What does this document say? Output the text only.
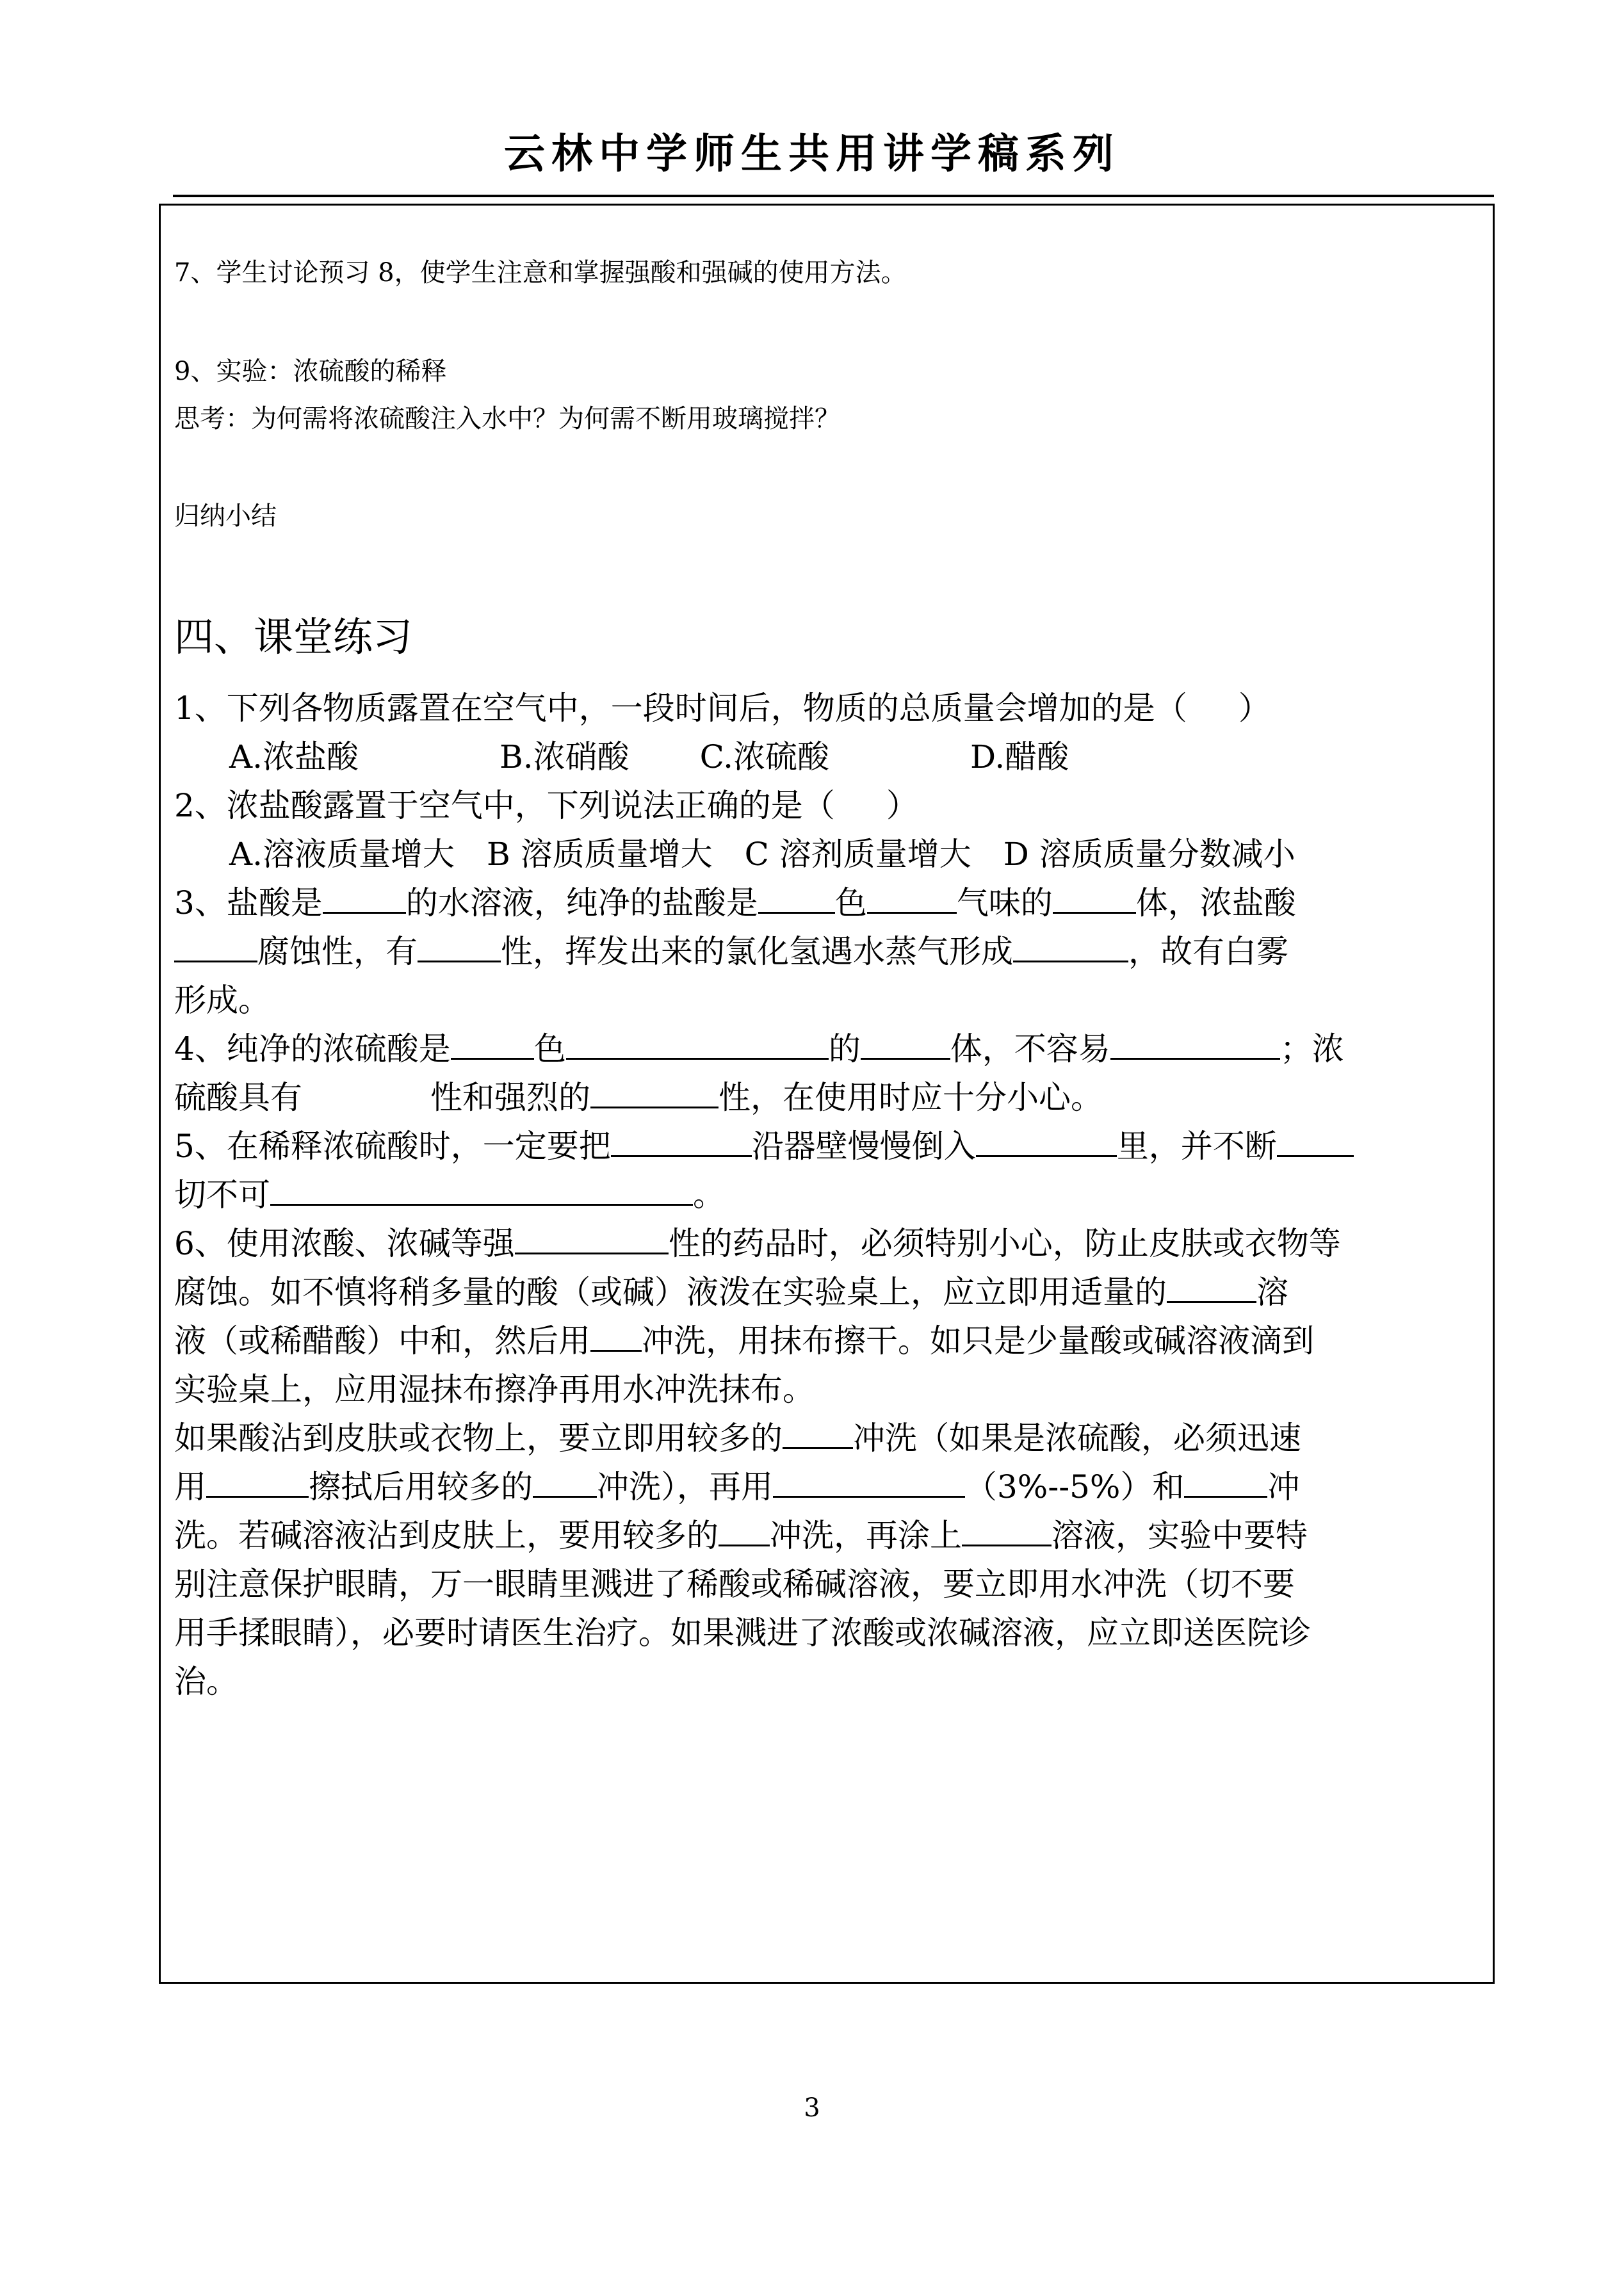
云林中学师生共用讲学稿系列
7、学生讨论预习 8，使学生注意和掌握强酸和强碱的使用方法。
9、实验：浓硫酸的稀释
思考：为何需将浓硫酸注入水中？为何需不断用玻璃搅拌？
归纳小结
四、课堂练习
1、下列各物质露置在空气中，一段时间后，物质的总质量会增加的是（ ）
A.浓盐酸	B.浓硝酸 C.浓硫酸	D.醋酸
2、浓盐酸露置于空气中，下列说法正确的是（ ）
A.溶液质量增大　B 溶质质量增大　C 溶剂质量增大　D 溶质质量分数减小
3、盐酸是	的水溶液，纯净的盐酸是 色	气味的	体，浓盐酸
腐蚀性，有	性，挥发出来的氯化氢遇水蒸气形成	，故有白雾
形成。
4、纯净的浓硫酸是	色	的	体，不容易	；浓
硫酸具有	性和强烈的	性，在使用时应十分小心。
5、在稀释浓硫酸时，一定要把	沿器壁慢慢倒入	里，并不断
切不可	。
6、使用浓酸、浓碱等强	性的药品时，必须特别小心，防止皮肤或衣物等
腐蚀。如不慎将稍多量的酸（或碱）液泼在实验桌上，应立即用适量的	溶
液（或稀醋酸）中和，然后用 冲洗，用抹布擦干。如只是少量酸或碱溶液滴到
实验桌上，应用湿抹布擦净再用水冲洗抹布。
如果酸沾到皮肤或衣物上，要立即用较多的 冲洗（如果是浓硫酸，必须迅速
用	擦拭后用较多的 冲洗），再用	（3%--5%）和	冲
洗。若碱溶液沾到皮肤上，要用较多的 冲洗，再涂上	溶液，实验中要特
别注意保护眼睛，万一眼睛里溅进了稀酸或稀碱溶液，要立即用水冲洗（切不要
用手揉眼睛），必要时请医生治疗。如果溅进了浓酸或浓碱溶液，应立即送医院诊
治。
3
